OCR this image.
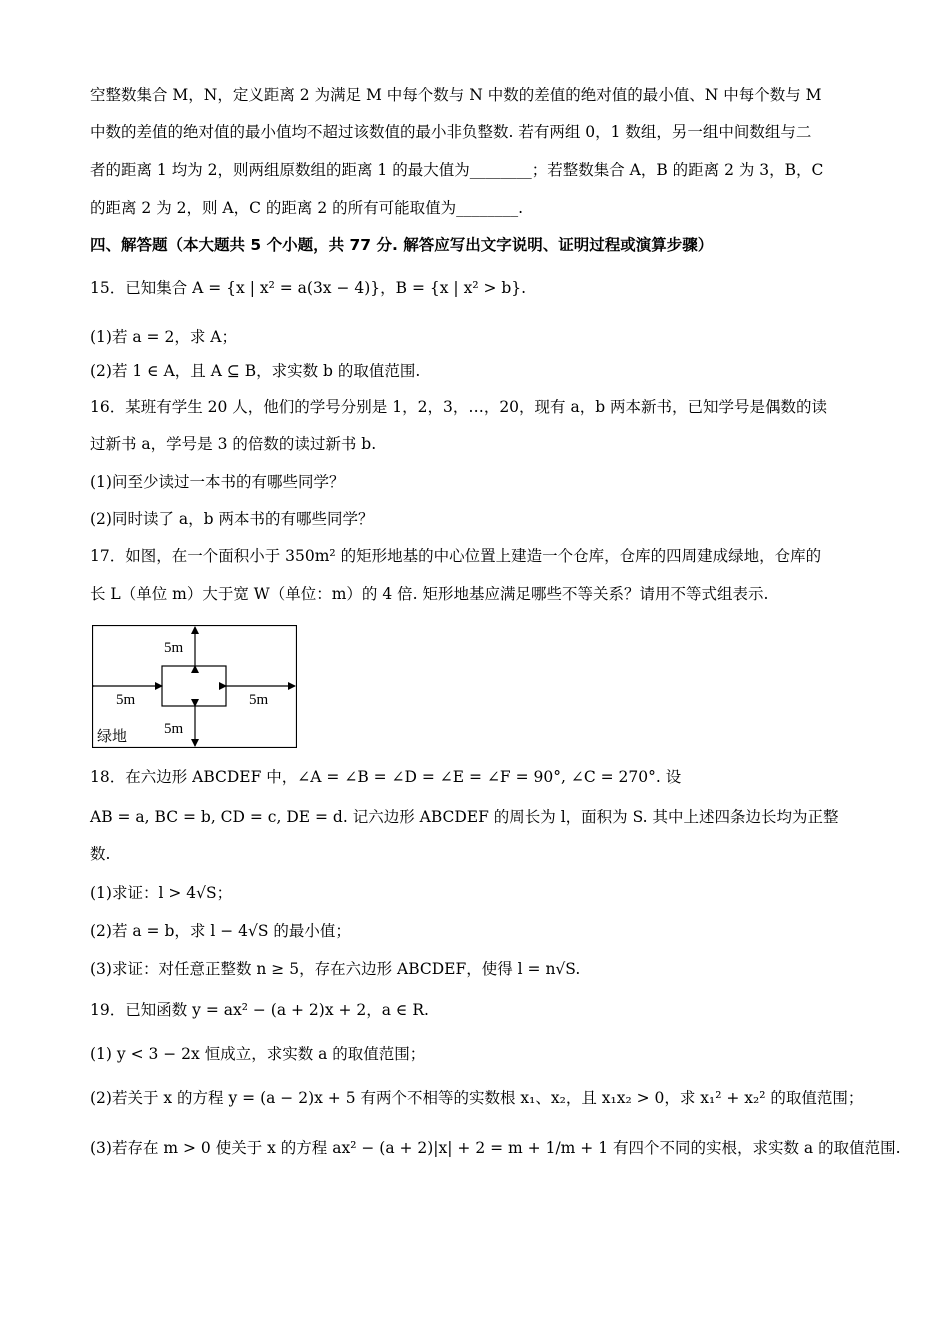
空整数集合 M，N，定义距离 2 为满足 M 中每个数与 N 中数的差值的绝对值的最小值、N 中每个数与 M
中数的差值的绝对值的最小值均不超过该数值的最小非负整数. 若有两组 0，1 数组，另一组中间数组与二
者的距离 1 均为 2，则两组原数组的距离 1 的最大值为________；若整数集合 A，B 的距离 2 为 3，B，C
的距离 2 为 2，则 A，C 的距离 2 的所有可能取值为________.
四、解答题（本大题共 5 个小题，共 77 分. 解答应写出文字说明、证明过程或演算步骤）
15．已知集合 A = {x | x² = a(3x − 4)}，B = {x | x² > b}.
(1)若 a = 2，求 A；
(2)若 1 ∈ A，且 A ⊆ B，求实数 b 的取值范围.
16．某班有学生 20 人，他们的学号分别是 1，2，3，…，20，现有 a，b 两本新书，已知学号是偶数的读
过新书 a，学号是 3 的倍数的读过新书 b.
(1)问至少读过一本书的有哪些同学？
(2)同时读了 a，b 两本书的有哪些同学？
17．如图，在一个面积小于 350m² 的矩形地基的中心位置上建造一个仓库，仓库的四周建成绿地，仓库的
长 L（单位 m）大于宽 W（单位：m）的 4 倍. 矩形地基应满足哪些不等关系？请用不等式组表示.
5m
5m	5m
5m
绿地
18．在六边形 ABCDEF 中，∠A = ∠B = ∠D = ∠E = ∠F = 90°, ∠C = 270°. 设
AB = a, BC = b, CD = c, DE = d. 记六边形 ABCDEF 的周长为 l，面积为 S. 其中上述四条边长均为正整
数.
(1)求证：l > 4√S；
(2)若 a = b，求 l − 4√S 的最小值；
(3)求证：对任意正整数 n ≥ 5，存在六边形 ABCDEF，使得 l = n√S.
19．已知函数 y = ax² − (a + 2)x + 2，a ∈ R.
(1) y < 3 − 2x 恒成立，求实数 a 的取值范围；
(2)若关于 x 的方程 y = (a − 2)x + 5 有两个不相等的实数根 x₁、x₂，且 x₁x₂ > 0，求 x₁² + x₂² 的取值范围；
(3)若存在 m > 0 使关于 x 的方程 ax² − (a + 2)|x| + 2 = m + 1/m + 1 有四个不同的实根，求实数 a 的取值范围.
